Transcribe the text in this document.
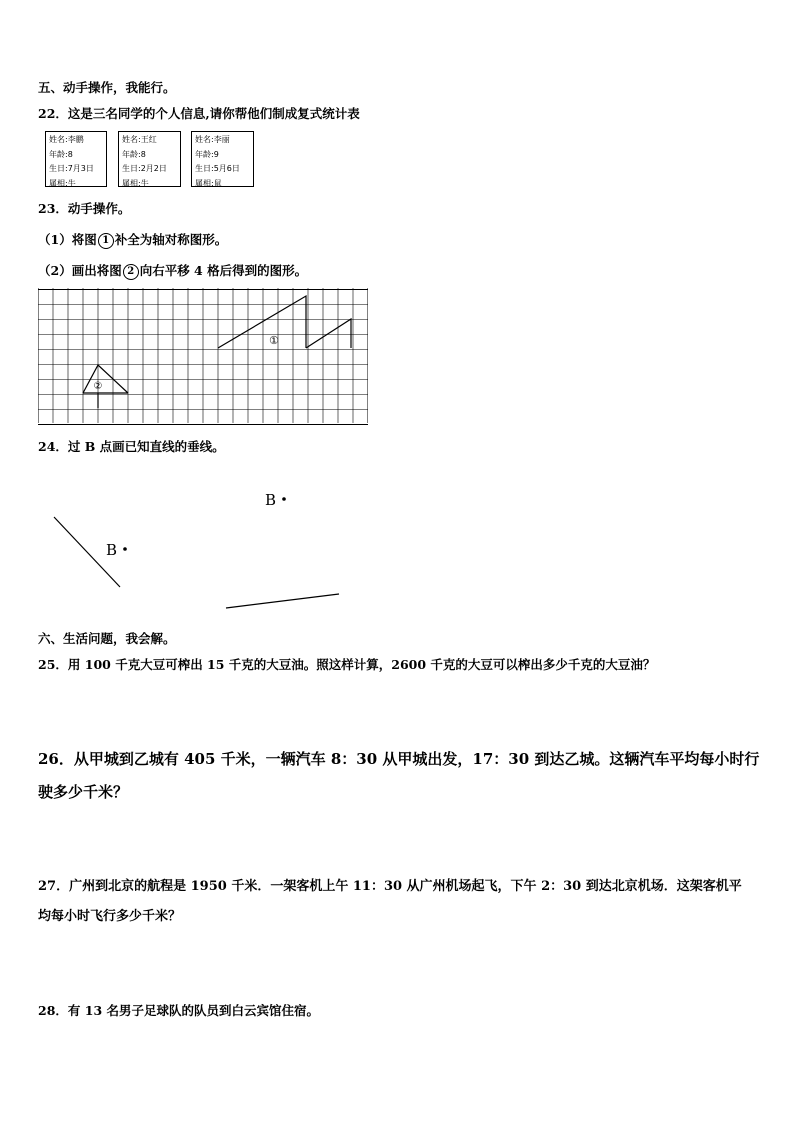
五、动手操作，我能行。
22．这是三名同学的个人信息,请你帮他们制成复式统计表
姓名:李鹏
年龄:8
生日:7月3日
属相:牛
姓名:王红
年龄:8
生日:2月2日
属相:牛
姓名:李丽
年龄:9
生日:5月6日
属相:鼠
23．动手操作。
（1）将图 1 补全为轴对称图形。
（2）画出将图 2 向右平移 4 格后得到的图形。
①
②
24．过 B 点画已知直线的垂线。
B
B
六、生活问题，我会解。
25．用 100 千克大豆可榨出 15 千克的大豆油。照这样计算，2600 千克的大豆可以榨出多少千克的大豆油？
26．从甲城到乙城有 405 千米，一辆汽车 8：30 从甲城出发，17：30 到达乙城。这辆汽车平均每小时行
驶多少千米？
27．广州到北京的航程是 1950 千米．一架客机上午 11：30 从广州机场起飞，下午 2：30 到达北京机场．这架客机平
均每小时飞行多少千米？
28．有 13 名男子足球队的队员到白云宾馆住宿。
